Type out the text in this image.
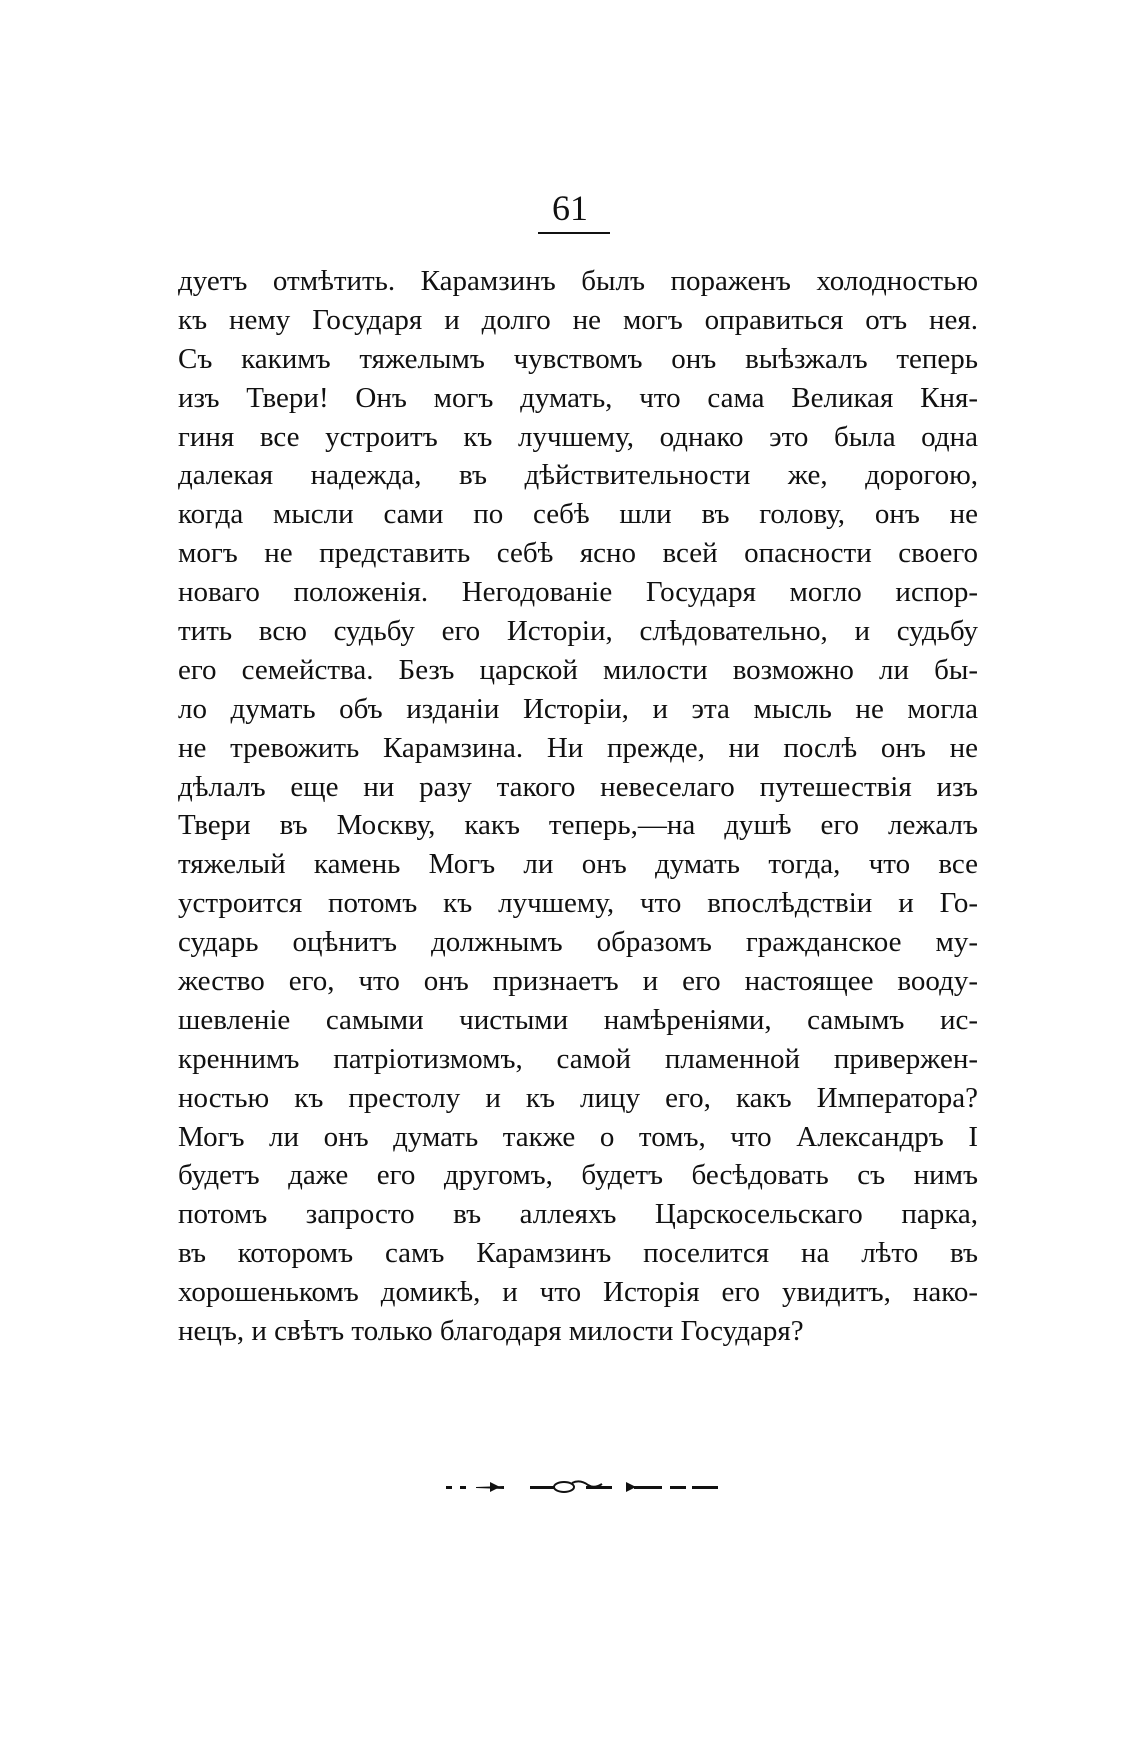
61
дуетъ отмѣтить. Карамзинъ былъ пораженъ холодностью
къ нему Государя и долго не могъ оправиться отъ нея.
Съ какимъ тяжелымъ чувствомъ онъ выѣзжалъ теперь
изъ Твери! Онъ могъ думать, что сама Великая Кня-
гиня все устроитъ къ лучшему, однако это была одна
далекая надежда, въ дѣйствительности же, дорогою,
когда мысли сами по себѣ шли въ голову, онъ не
могъ не представить себѣ ясно всей опасности своего
новаго положенія. Негодованіе Государя могло испор-
тить всю судьбу его Исторіи, слѣдовательно, и судьбу
его семейства. Безъ царской милости возможно ли бы-
ло думать объ изданіи Исторіи, и эта мысль не могла
не тревожить Карамзина. Ни прежде, ни послѣ онъ не
дѣлалъ еще ни разу такого невеселаго путешествія изъ
Твери въ Москву, какъ теперь,—на душѣ его лежалъ
тяжелый камень Могъ ли онъ думать тогда, что все
устроится потомъ къ лучшему, что впослѣдствіи и Го-
сударь оцѣнитъ должнымъ образомъ гражданское му-
жество его, что онъ признаетъ и его настоящее вооду-
шевленіе самыми чистыми намѣреніями, самымъ ис-
креннимъ патріотизмомъ, самой пламенной привержен-
ностью къ престолу и къ лицу его, какъ Императора?
Могъ ли онъ думать также о томъ, что Александръ I
будетъ даже его другомъ, будетъ бесѣдовать съ нимъ
потомъ запросто въ аллеяхъ Царскосельскаго парка,
въ которомъ самъ Карамзинъ поселится на лѣто въ
хорошенькомъ домикѣ, и что Исторія его увидитъ, нако-
нецъ, и свѣтъ только благодаря милости Государя?
